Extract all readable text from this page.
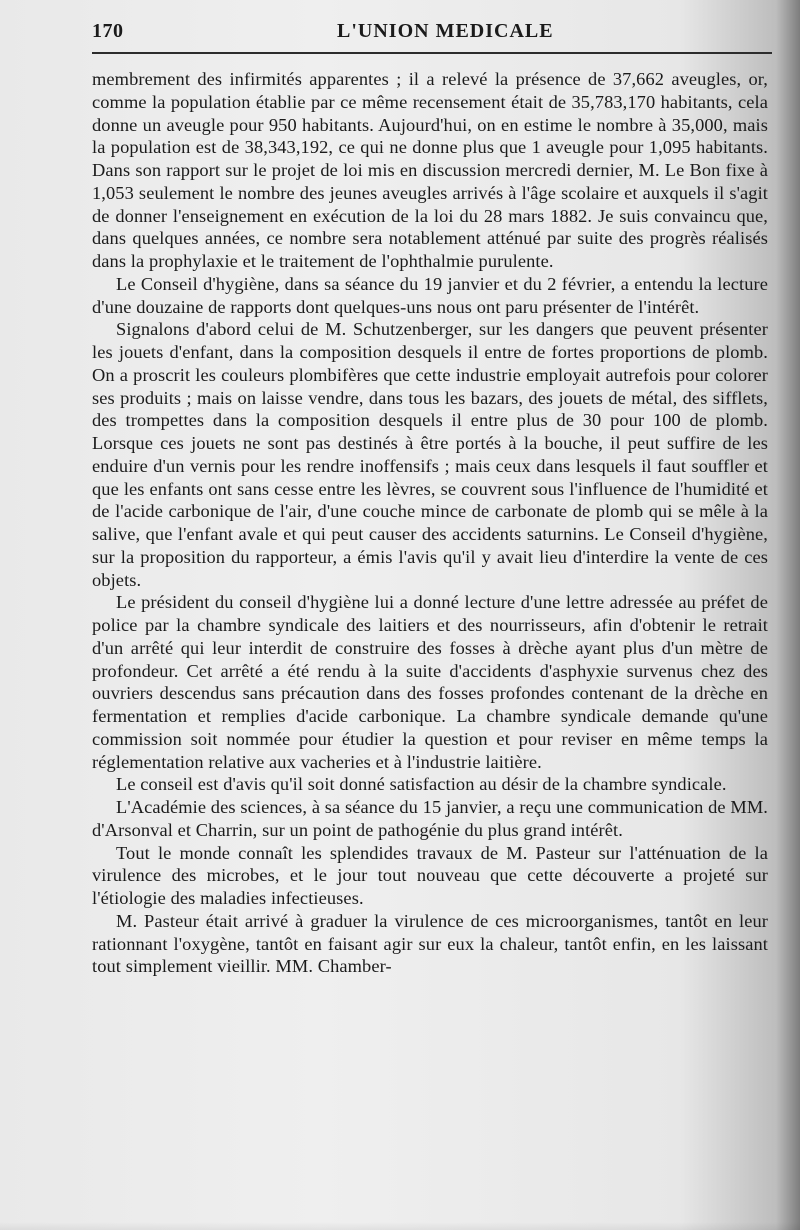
170	L'UNION MEDICALE

membrement des infirmités apparentes ; il a relevé la présence de 37,662 aveugles, or, comme la population établie par ce même recensement était de 35,783,170 habitants, cela donne un aveugle pour 950 habitants. Aujourd'hui, on en estime le nombre à 35,000, mais la population est de 38,343,192, ce qui ne donne plus que 1 aveugle pour 1,095 habitants. Dans son rapport sur le projet de loi mis en discussion mercredi dernier, M. Le Bon fixe à 1,053 seulement le nombre des jeunes aveugles arrivés à l'âge scolaire et auxquels il s'agit de donner l'enseignement en exécution de la loi du 28 mars 1882. Je suis convaincu que, dans quelques années, ce nombre sera notablement atténué par suite des progrès réalisés dans la prophylaxie et le traitement de l'ophthalmie purulente.

Le Conseil d'hygiène, dans sa séance du 19 janvier et du 2 février, a entendu la lecture d'une douzaine de rapports dont quelques-uns nous ont paru présenter de l'intérêt.

Signalons d'abord celui de M. Schutzenberger, sur les dangers que peuvent présenter les jouets d'enfant, dans la composition desquels il entre de fortes proportions de plomb. On a proscrit les couleurs plombifères que cette industrie employait autrefois pour colorer ses produits ; mais on laisse vendre, dans tous les bazars, des jouets de métal, des sifflets, des trompettes dans la composition desquels il entre plus de 30 pour 100 de plomb. Lorsque ces jouets ne sont pas destinés à être portés à la bouche, il peut suffire de les enduire d'un vernis pour les rendre inoffensifs ; mais ceux dans lesquels il faut souffler et que les enfants ont sans cesse entre les lèvres, se couvrent sous l'influence de l'humidité et de l'acide carbonique de l'air, d'une couche mince de carbonate de plomb qui se mêle à la salive, que l'enfant avale et qui peut causer des accidents saturnins. Le Conseil d'hygiène, sur la proposition du rapporteur, a émis l'avis qu'il y avait lieu d'interdire la vente de ces objets.

Le président du conseil d'hygiène lui a donné lecture d'une lettre adressée au préfet de police par la chambre syndicale des laitiers et des nourrisseurs, afin d'obtenir le retrait d'un arrêté qui leur interdit de construire des fosses à drèche ayant plus d'un mètre de profondeur. Cet arrêté a été rendu à la suite d'accidents d'asphyxie survenus chez des ouvriers descendus sans précaution dans des fosses profondes contenant de la drèche en fermentation et remplies d'acide carbonique. La chambre syndicale demande qu'une commission soit nommée pour étudier la question et pour reviser en même temps la réglementation relative aux vacheries et à l'industrie laitière.

Le conseil est d'avis qu'il soit donné satisfaction au désir de la chambre syndicale.

L'Académie des sciences, à sa séance du 15 janvier, a reçu une communication de MM. d'Arsonval et Charrin, sur un point de pathogénie du plus grand intérêt.

Tout le monde connaît les splendides travaux de M. Pasteur sur l'atténuation de la virulence des microbes, et le jour tout nouveau que cette découverte a projeté sur l'étiologie des maladies infectieuses.

M. Pasteur était arrivé à graduer la virulence de ces microorganismes, tantôt en leur rationnant l'oxygène, tantôt en faisant agir sur eux la chaleur, tantôt enfin, en les laissant tout simplement vieillir. MM. Chamber-
